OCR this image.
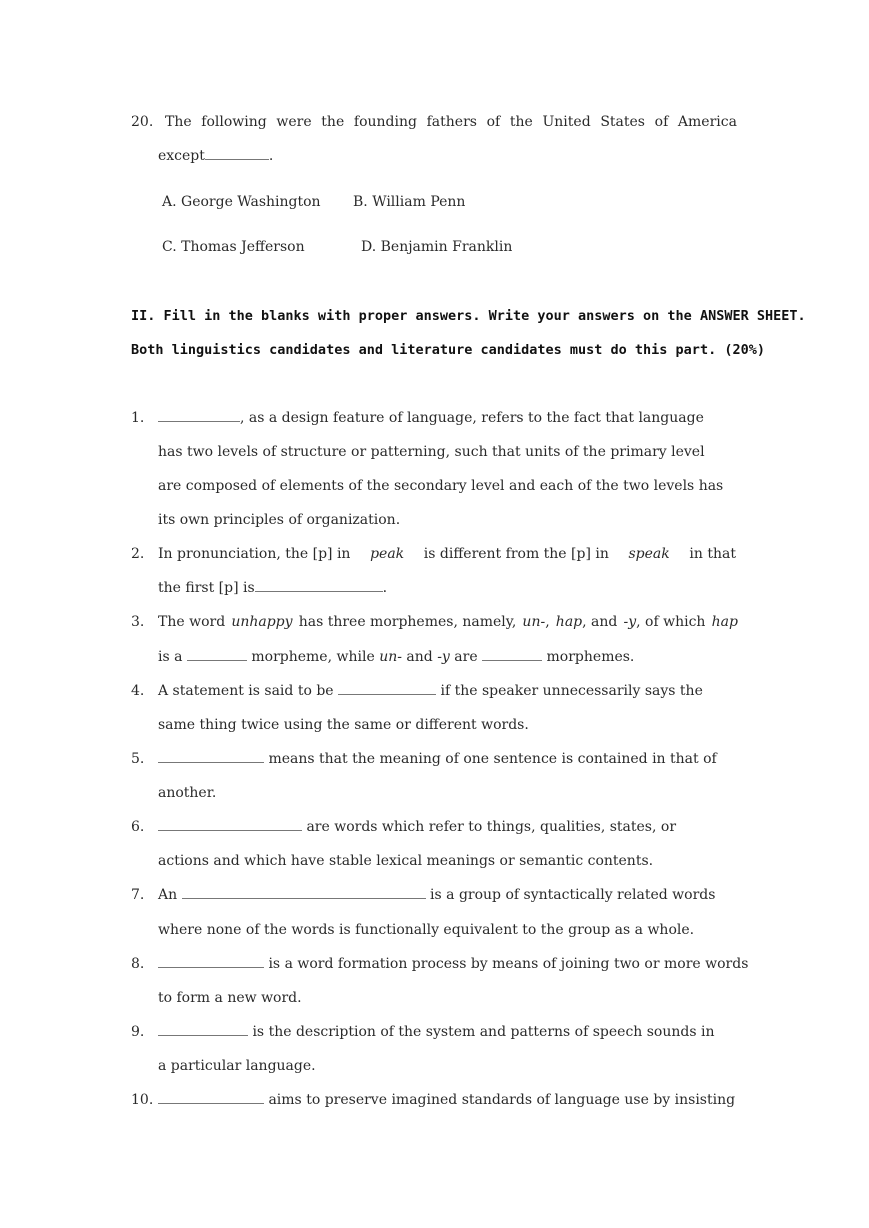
20. The following were the founding fathers of the United States of America
except	.
A. George Washington B. William Penn
C. Thomas Jefferson	D. Benjamin Franklin
II. Fill in the blanks with proper answers. Write your answers on the ANSWER SHEET.
Both linguistics candidates and literature candidates must do this part. (20%)
1.	, as a design feature of language, refers to the fact that language
has two levels of structure or patterning, such that units of the primary level
are composed of elements of the secondary level and each of the two levels has
its own principles of organization.
2. In pronunciation, the [p] in peak is different from the [p] in speak in that
the first [p] is	.
3. The word unhappy has three morphemes, namely, un-, hap, and -y, of which hap
is a	morpheme, while un- and -y are	morphemes.
4. A statement is said to be	if the speaker unnecessarily says the
same thing twice using the same or different words.
5.	means that the meaning of one sentence is contained in that of
another.
6.	are words which refer to things, qualities, states, or
actions and which have stable lexical meanings or semantic contents.
7. An	is a group of syntactically related words
where none of the words is functionally equivalent to the group as a whole.
8.	is a word formation process by means of joining two or more words
to form a new word.
9.	is the description of the system and patterns of speech sounds in
a particular language.
10.	aims to preserve imagined standards of language use by insisting
